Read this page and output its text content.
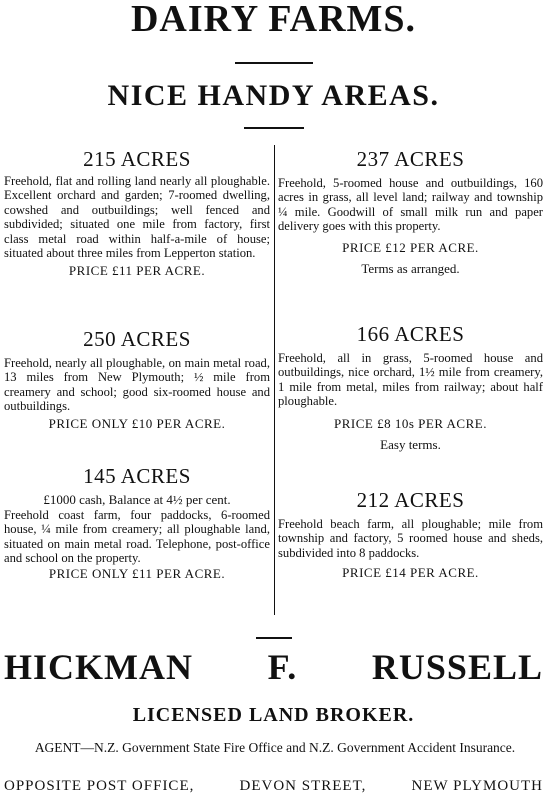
DAIRY FARMS.
NICE HANDY AREAS.
215 ACRES
Freehold, flat and rolling land nearly all ploughable. Excellent orchard and garden; 7-roomed dwelling, cowshed and outbuildings; well fenced and subdivided; situated one mile from factory, first class metal road within half-a-mile of house; situated about three miles from Lepperton station.
PRICE £11 PER ACRE.
250 ACRES
Freehold, nearly all ploughable, on main metal road, 13 miles from New Plymouth; ½ mile from creamery and school; good six-roomed house and outbuildings.
PRICE ONLY £10 PER ACRE.
145 ACRES
£1000 cash, Balance at 4½ per cent.
Freehold coast farm, four paddocks, 6-roomed house, ¼ mile from creamery; all ploughable land, situated on main metal road. Telephone, post-office and school on the property.
PRICE ONLY £11 PER ACRE.
237 ACRES
Freehold, 5-roomed house and outbuildings, 160 acres in grass, all level land; railway and township ¼ mile. Goodwill of small milk run and paper delivery goes with this property.
PRICE £12 PER ACRE.
Terms as arranged.
166 ACRES
Freehold, all in grass, 5-roomed house and outbuildings, nice orchard, 1½ mile from creamery, 1 mile from metal, miles from railway; about half ploughable.
PRICE £8 10s PER ACRE.
Easy terms.
212 ACRES
Freehold beach farm, all ploughable; mile from township and factory, 5 roomed house and sheds, subdivided into 8 paddocks.
PRICE £14 PER ACRE.
HICKMAN F. RUSSELL
LICENSED LAND BROKER.
AGENT—N.Z. Government State Fire Office and N.Z. Government Accident Insurance.
OPPOSITE POST OFFICE,	DEVON STREET,	NEW PLYMOUTH
